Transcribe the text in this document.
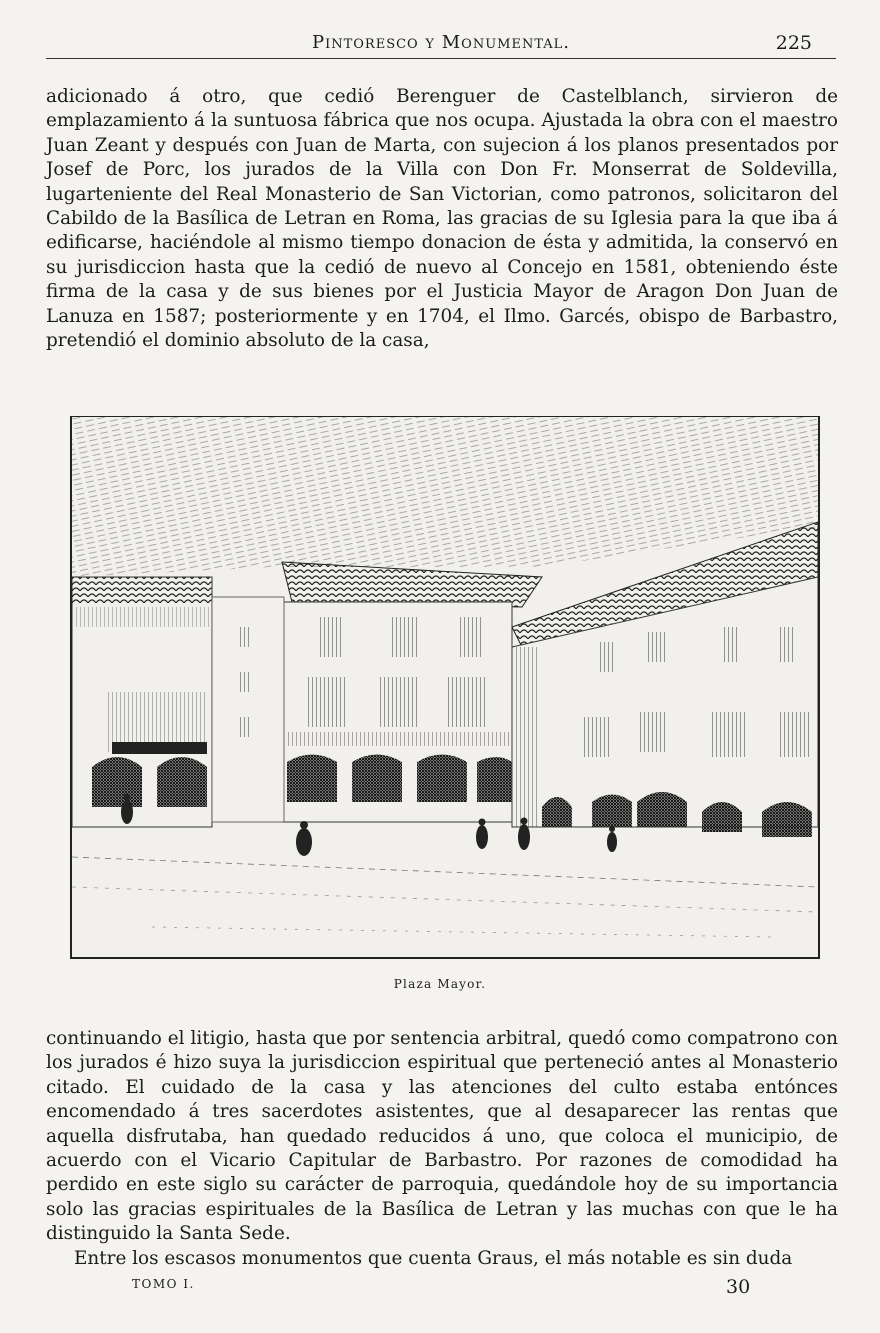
Pintoresco y Monumental.	225

adicionado á otro, que cedió Berenguer de Castelblanch, sirvieron de emplazamiento á la suntuosa fábrica que nos ocupa. Ajustada la obra con el maestro Juan Zeant y después con Juan de Marta, con sujecion á los planos presentados por Josef de Porc, los jurados de la Villa con Don Fr. Monserrat de Soldevilla, lugarteniente del Real Monasterio de San Victorian, como patronos, solicitaron del Cabildo de la Basílica de Letran en Roma, las gracias de su Iglesia para la que iba á edificarse, haciéndole al mismo tiempo donacion de ésta y admitida, la conservó en su jurisdiccion hasta que la cedió de nuevo al Concejo en 1581, obteniendo éste firma de la casa y de sus bienes por el Justicia Mayor de Aragon Don Juan de Lanuza en 1587; posteriormente y en 1704, el Ilmo. Garcés, obispo de Barbastro, pretendió el dominio absoluto de la casa,

Plaza Mayor.

continuando el litigio, hasta que por sentencia arbitral, quedó como compatrono con los jurados é hizo suya la jurisdiccion espiritual que perteneció antes al Monasterio citado. El cuidado de la casa y las atenciones del culto estaba entónces encomendado á tres sacerdotes asistentes, que al desaparecer las rentas que aquella disfrutaba, han quedado reducidos á uno, que coloca el municipio, de acuerdo con el Vicario Capitular de Barbastro. Por razones de comodidad ha perdido en este siglo su carácter de parroquia, quedándole hoy de su importancia solo las gracias espirituales de la Basílica de Letran y las muchas con que le ha distinguido la Santa Sede.

Entre los escasos monumentos que cuenta Graus, el más notable es sin duda

TOMO I.	30
